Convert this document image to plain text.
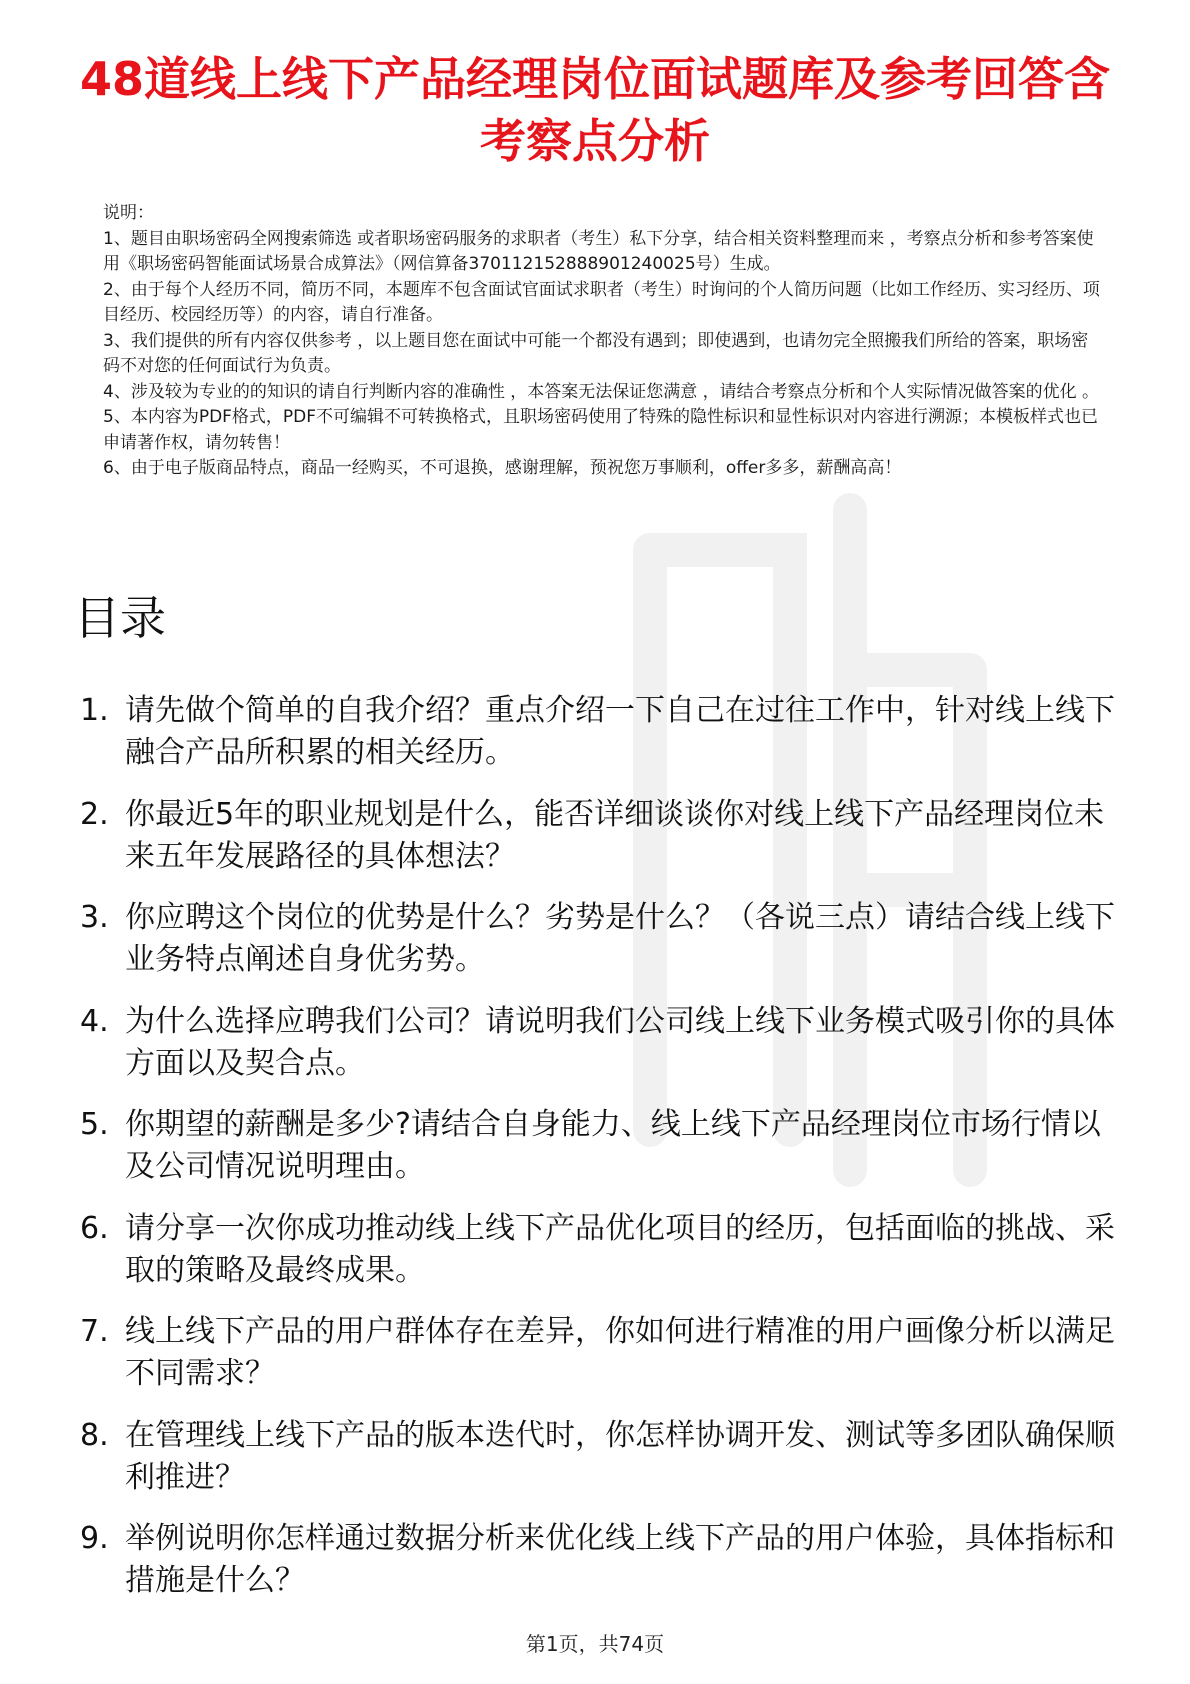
48道线上线下产品经理岗位面试题库及参考回答含考察点分析

说明：

1、题目由职场密码全网搜索筛选 或者职场密码服务的求职者（考生）私下分享，结合相关资料整理而来 ，考察点分析和参考答案使用《职场密码智能面试场景合成算法》（网信算备370112152888901240025号）生成。

2、由于每个人经历不同，简历不同，本题库不包含面试官面试求职者（考生）时询问的个人简历问题（比如工作经历、实习经历、项目经历、校园经历等）的内容，请自行准备。

3、我们提供的所有内容仅供参考 ，以上题目您在面试中可能一个都没有遇到；即使遇到，也请勿完全照搬我们所给的答案，职场密码不对您的任何面试行为负责。

4、涉及较为专业的的知识的请自行判断内容的准确性 ，本答案无法保证您满意 ，请结合考察点分析和个人实际情况做答案的优化 。

5、本内容为PDF格式，PDF不可编辑不可转换格式，且职场密码使用了特殊的隐性标识和显性标识对内容进行溯源；本模板样式也已申请著作权，请勿转售！

6、由于电子版商品特点，商品一经购买，不可退换，感谢理解，预祝您万事顺利，offer多多，薪酬高高！

目录
1. 请先做个简单的自我介绍？重点介绍一下自己在过往工作中，针对线上线下融合产品所积累的相关经历。
2. 你最近5年的职业规划是什么，能否详细谈谈你对线上线下产品经理岗位未来五年发展路径的具体想法？
3. 你应聘这个岗位的优势是什么？劣势是什么？（各说三点）请结合线上线下业务特点阐述自身优劣势。
4. 为什么选择应聘我们公司？请说明我们公司线上线下业务模式吸引你的具体方面以及契合点。
5. 你期望的薪酬是多少?请结合自身能力、线上线下产品经理岗位市场行情以及公司情况说明理由。
6. 请分享一次你成功推动线上线下产品优化项目的经历，包括面临的挑战、采取的策略及最终成果。
7. 线上线下产品的用户群体存在差异，你如何进行精准的用户画像分析以满足不同需求？
8. 在管理线上线下产品的版本迭代时，你怎样协调开发、测试等多团队确保顺利推进？
9. 举例说明你怎样通过数据分析来优化线上线下产品的用户体验，具体指标和措施是什么？
第1页，共74页
